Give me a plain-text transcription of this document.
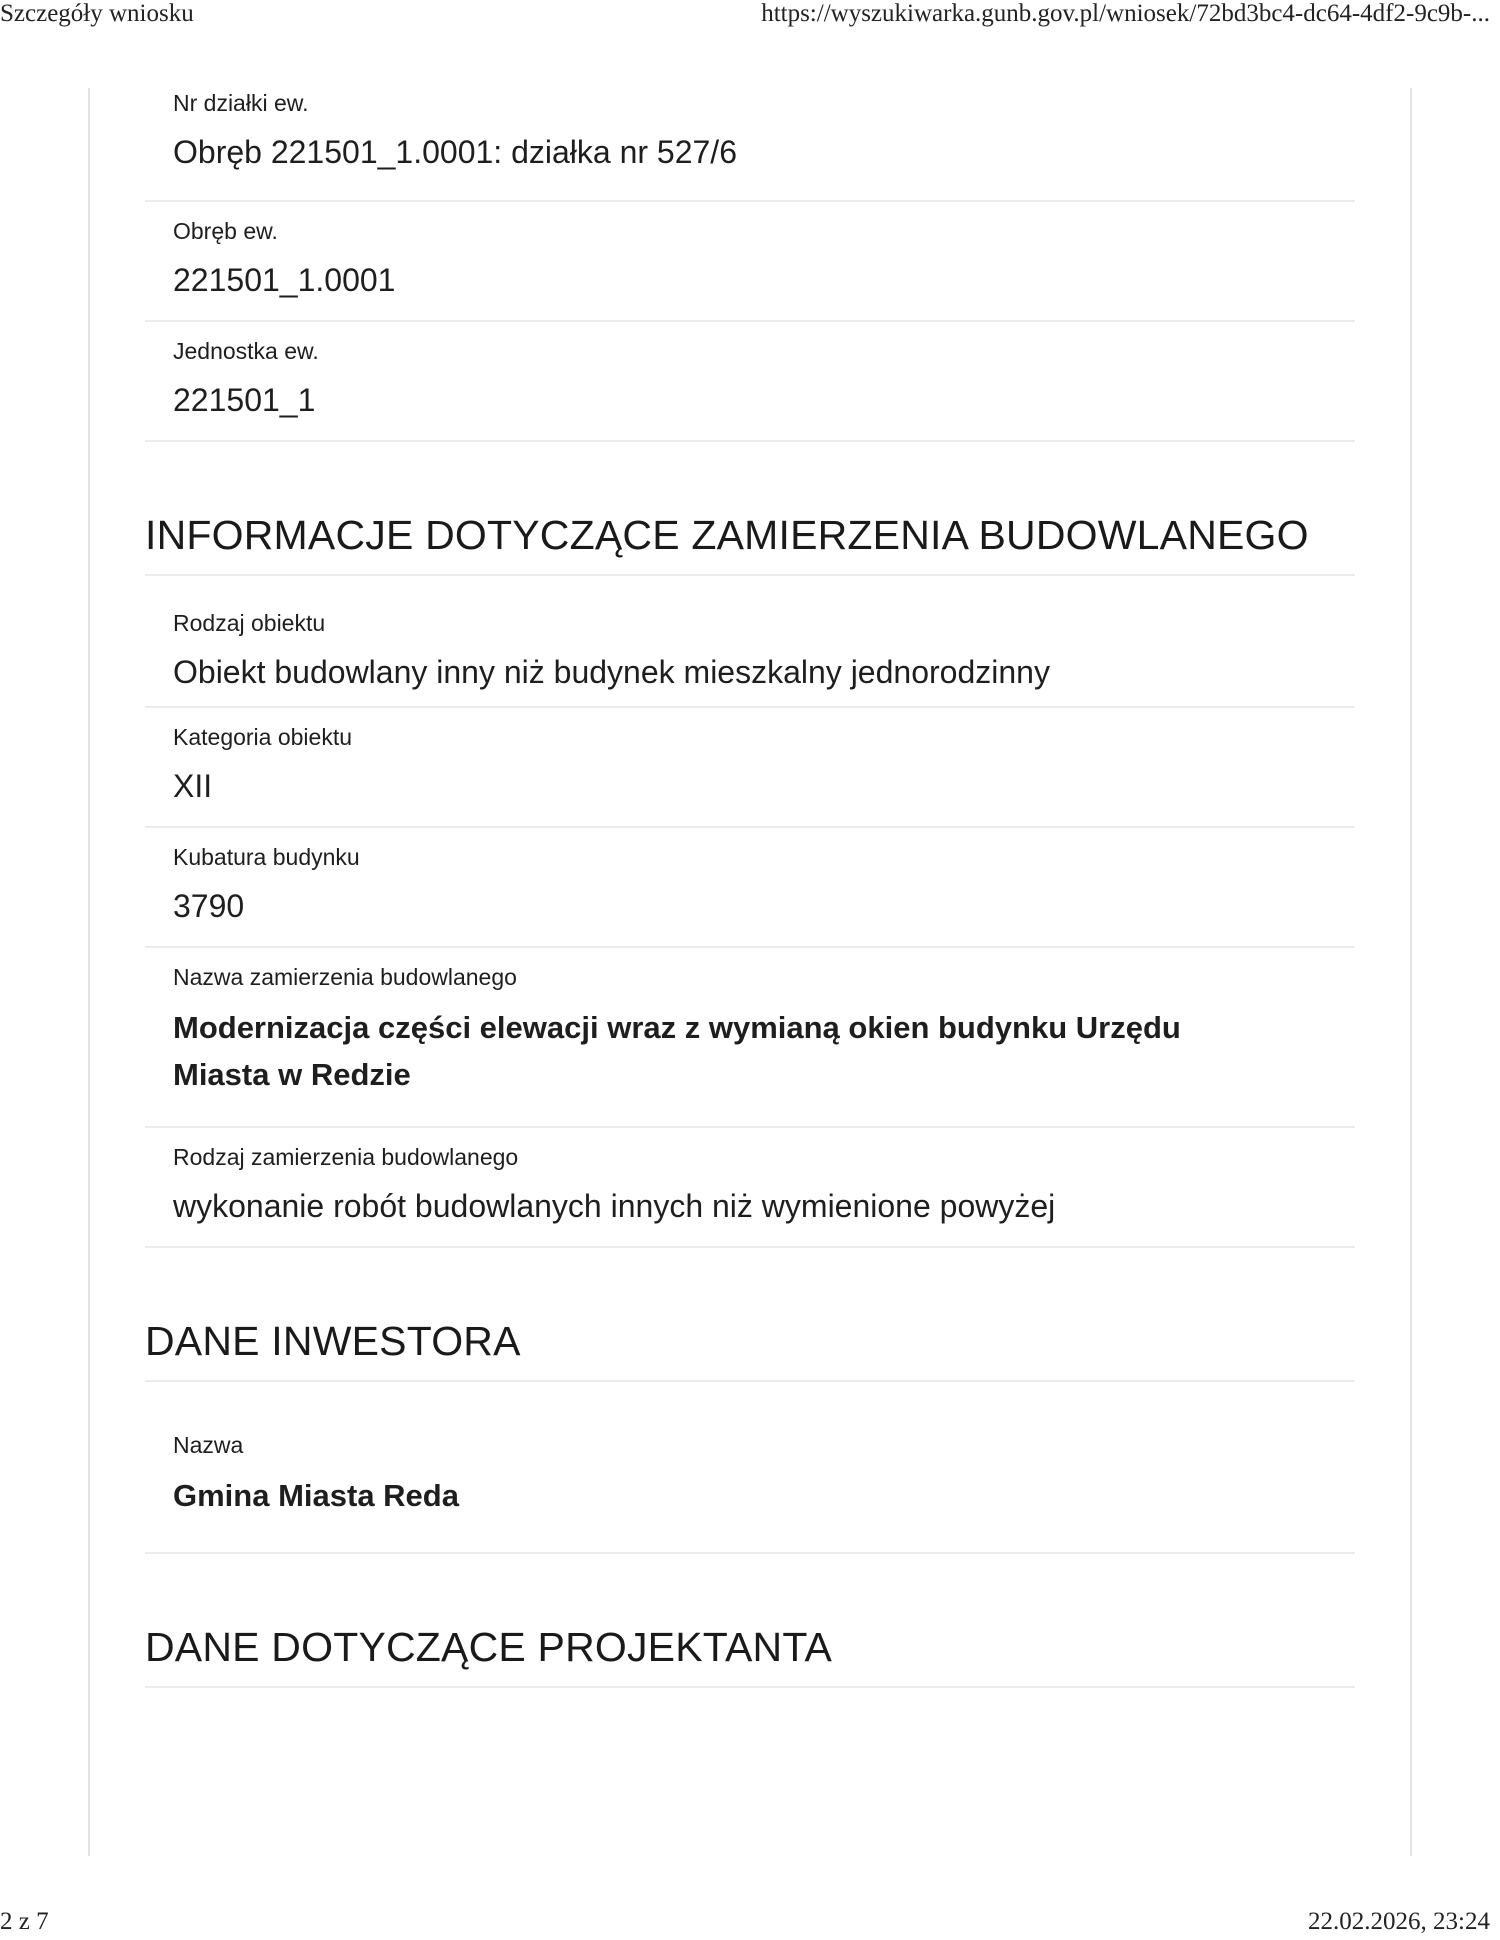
Szczegóły wniosku	https://wyszukiwarka.gunb.gov.pl/wniosek/72bd3bc4-dc64-4df2-9c9b-...
Nr działki ew.
Obręb 221501_1.0001: działka nr 527/6
Obręb ew.
221501_1.0001
Jednostka ew.
221501_1
INFORMACJE DOTYCZĄCE ZAMIERZENIA BUDOWLANEGO
Rodzaj obiektu
Obiekt budowlany inny niż budynek mieszkalny jednorodzinny
Kategoria obiektu
XII
Kubatura budynku
3790
Nazwa zamierzenia budowlanego
Modernizacja części elewacji wraz z wymianą okien budynku Urzędu Miasta w Redzie
Rodzaj zamierzenia budowlanego
wykonanie robót budowlanych innych niż wymienione powyżej
DANE INWESTORA
Nazwa
Gmina Miasta Reda
DANE DOTYCZĄCE PROJEKTANTA
2 z 7	22.02.2026, 23:24
